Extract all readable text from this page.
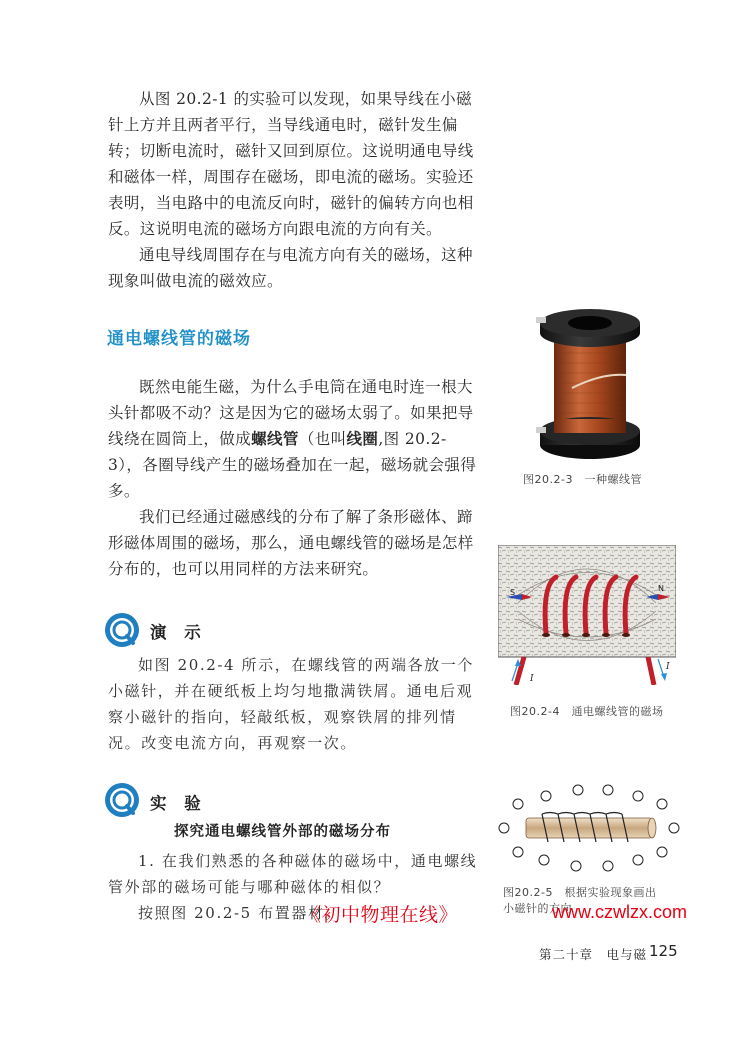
从图 20.2-1 的实验可以发现，如果导线在小磁针上方并且两者平行，当导线通电时，磁针发生偏转；切断电流时，磁针又回到原位。这说明通电导线和磁体一样，周围存在磁场，即电流的磁场。实验还表明，当电路中的电流反向时，磁针的偏转方向也相反。这说明电流的磁场方向跟电流的方向有关。

通电导线周围存在与电流方向有关的磁场，这种现象叫做电流的磁效应。

通电螺线管的磁场

既然电能生磁，为什么手电筒在通电时连一根大头针都吸不动？这是因为它的磁场太弱了。如果把导线绕在圆筒上，做成螺线管（也叫线圈,图 20.2-3），各圈导线产生的磁场叠加在一起，磁场就会强得多。

我们已经通过磁感线的分布了解了条形磁体、蹄形磁体周围的磁场，那么，通电螺线管的磁场是怎样分布的，也可以用同样的方法来研究。

演 示

如图 20.2-4 所示，在螺线管的两端各放一个小磁针，并在硬纸板上均匀地撒满铁屑。通电后观察小磁针的指向，轻敲纸板，观察铁屑的排列情况。改变电流方向，再观察一次。

实 验
探究通电螺线管外部的磁场分布

1. 在我们熟悉的各种磁体的磁场中，通电螺线管外部的磁场可能与哪种磁体的相似？

按照图 20.2-5 布置器材。

图20.2-3　一种螺线管
S	N
I
I
图20.2-4　通电螺线管的磁场
图20.2-5　根据实验现象画出
小磁针的方向
《初中物理在线》	www.czwlzx.com
第二十章　电与磁 125
